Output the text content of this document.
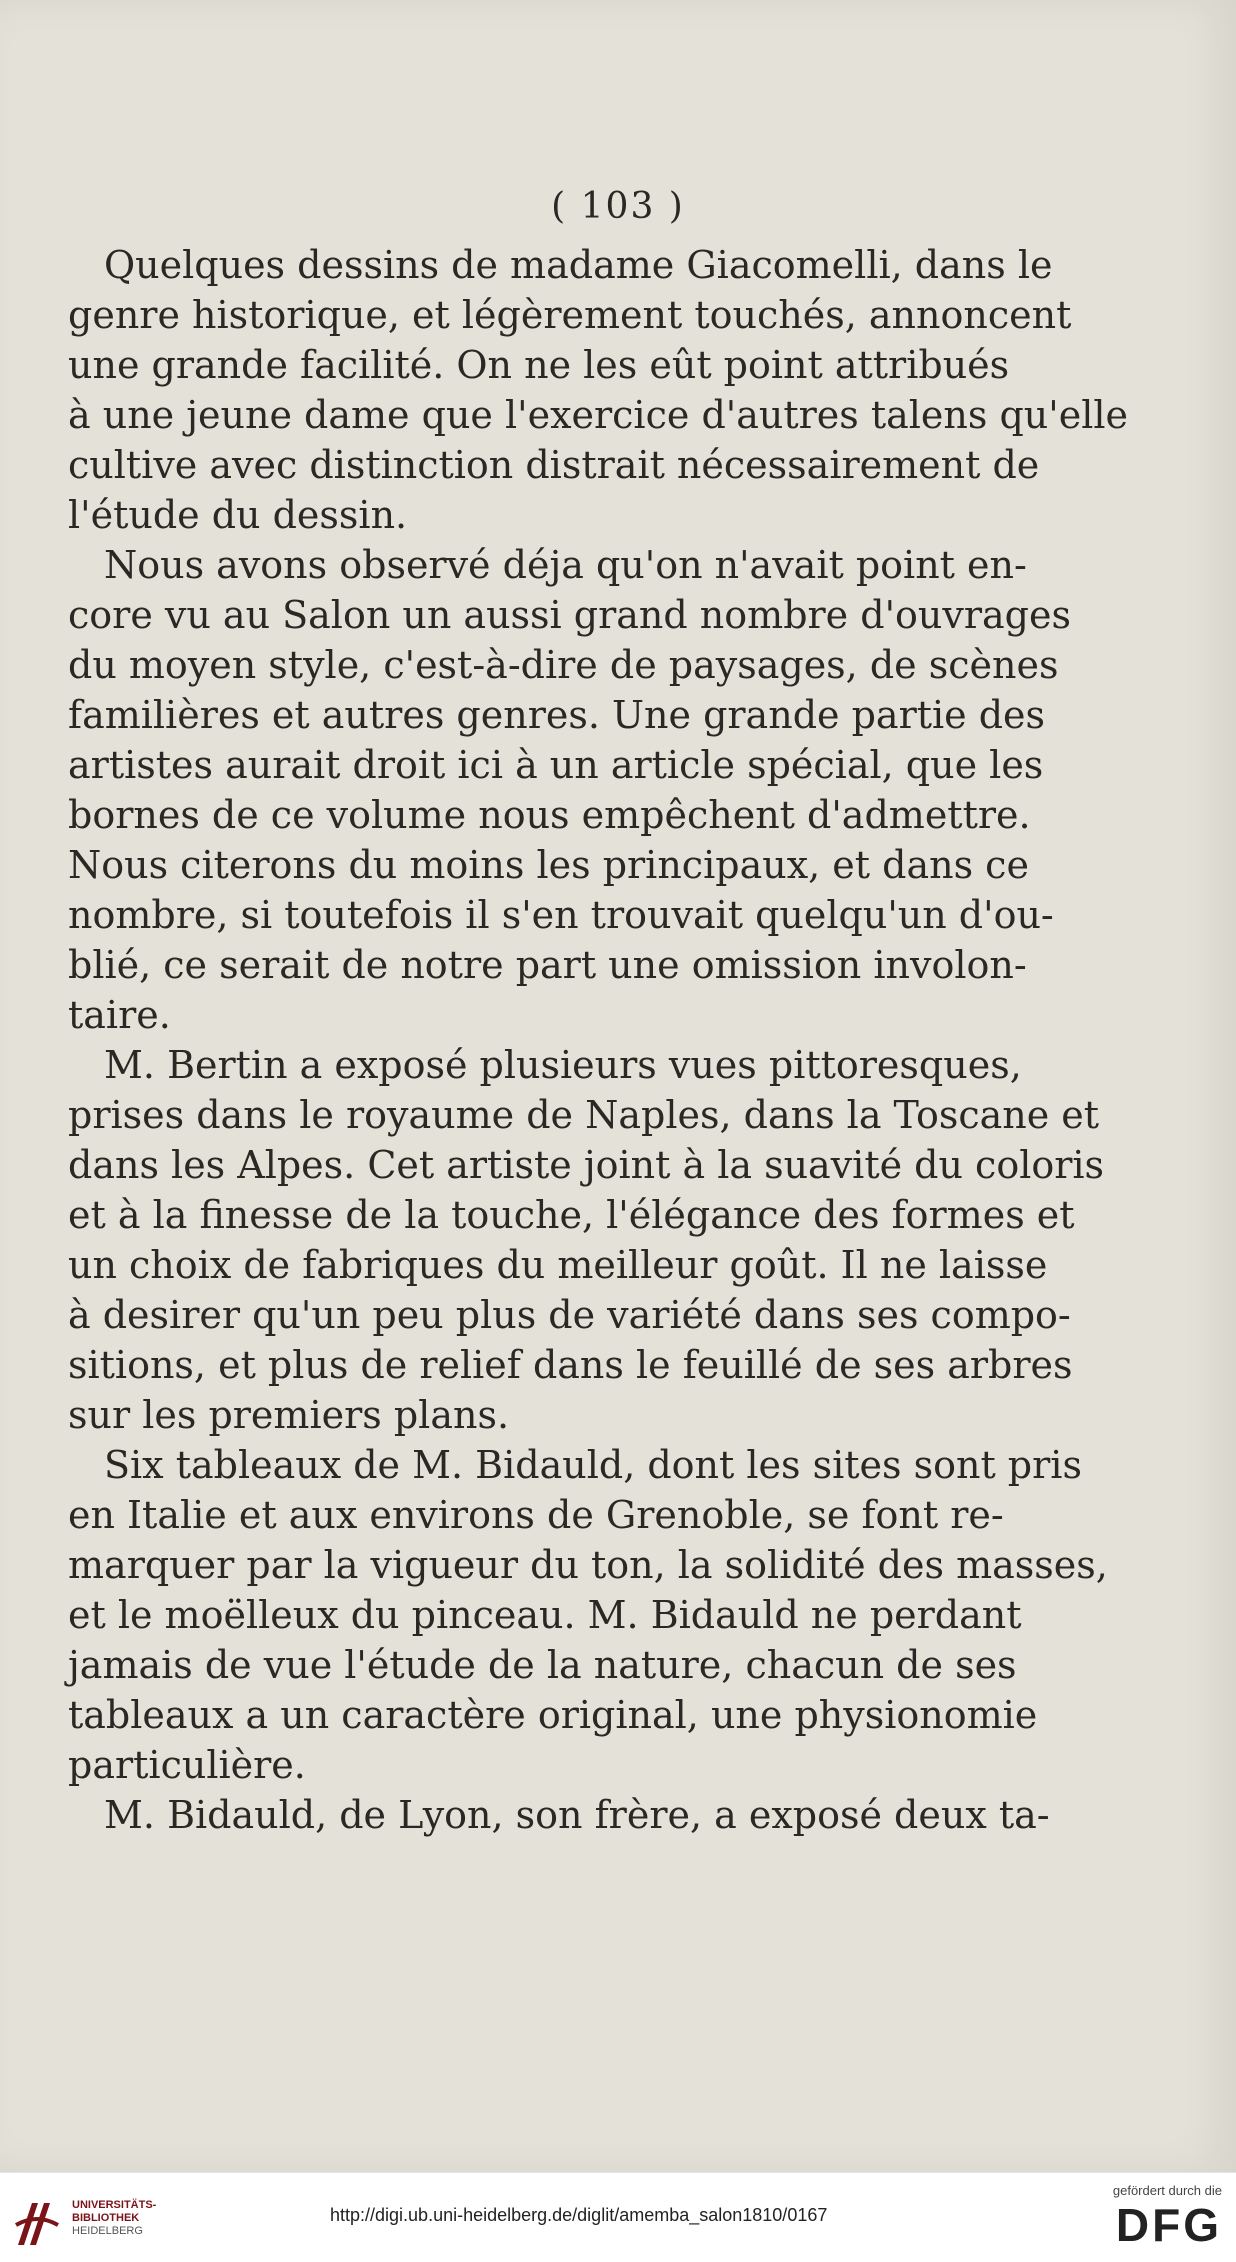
( 103 )
Quelques dessins de madame Giacomelli, dans le
genre historique, et légèrement touchés, annoncent
une grande facilité. On ne les eût point attribués
à une jeune dame que l'exercice d'autres talens qu'elle
cultive avec distinction distrait nécessairement de
l'étude du dessin.
Nous avons observé déja qu'on n'avait point en-
core vu au Salon un aussi grand nombre d'ouvrages
du moyen style, c'est-à-dire de paysages, de scènes
familières et autres genres. Une grande partie des
artistes aurait droit ici à un article spécial, que les
bornes de ce volume nous empêchent d'admettre.
Nous citerons du moins les principaux, et dans ce
nombre, si toutefois il s'en trouvait quelqu'un d'ou-
blié, ce serait de notre part une omission involon-
taire.
M. Bertin a exposé plusieurs vues pittoresques,
prises dans le royaume de Naples, dans la Toscane et
dans les Alpes. Cet artiste joint à la suavité du coloris
et à la finesse de la touche, l'élégance des formes et
un choix de fabriques du meilleur goût. Il ne laisse
à desirer qu'un peu plus de variété dans ses compo-
sitions, et plus de relief dans le feuillé de ses arbres
sur les premiers plans.
Six tableaux de M. Bidauld, dont les sites sont pris
en Italie et aux environs de Grenoble, se font re-
marquer par la vigueur du ton, la solidité des masses,
et le moëlleux du pinceau. M. Bidauld ne perdant
jamais de vue l'étude de la nature, chacun de ses
tableaux a un caractère original, une physionomie
particulière.
M. Bidauld, de Lyon, son frère, a exposé deux ta-
UNIVERSITÄTS-
BIBLIOTHEK
HEIDELBERG
http://digi.ub.uni-heidelberg.de/diglit/amemba_salon1810/0167
gefördert durch die
DFG
